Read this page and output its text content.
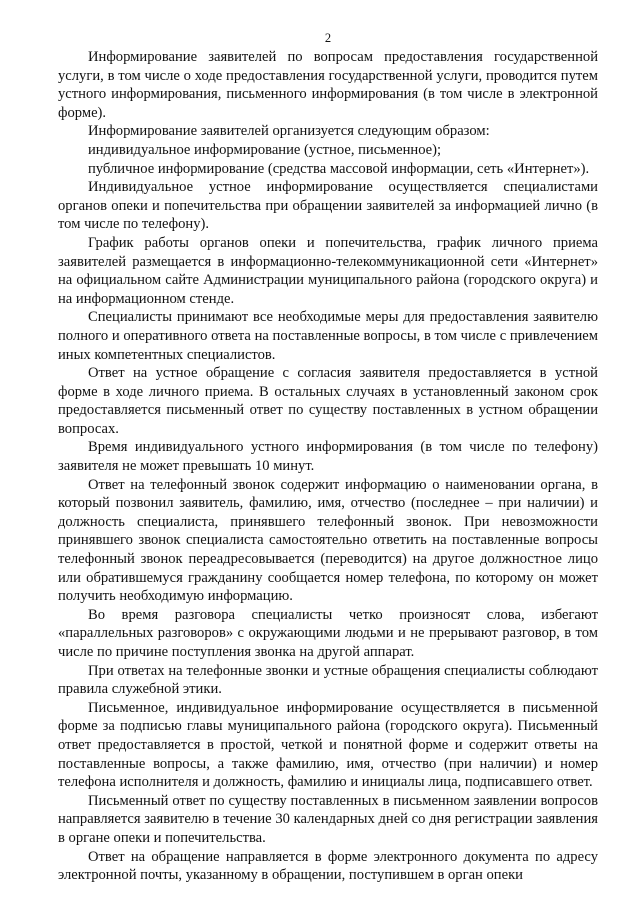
2

Информирование заявителей по вопросам предоставления государственной услуги, в том числе о ходе предоставления государственной услуги, проводится путем устного информирования, письменного информирования (в том числе в электронной форме).

Информирование заявителей организуется следующим образом:

индивидуальное информирование (устное, письменное);

публичное информирование (средства массовой информации, сеть «Интернет»).

Индивидуальное устное информирование осуществляется специалистами органов опеки и попечительства при обращении заявителей за информацией лично (в том числе по телефону).

График работы органов опеки и попечительства, график личного приема заявителей размещается в информационно-телекоммуникационной сети «Интернет» на официальном сайте Администрации муниципального района (городского округа) и на информационном стенде.

Специалисты принимают все необходимые меры для предоставления заявителю полного и оперативного ответа на поставленные вопросы, в том числе с привлечением иных компетентных специалистов.

Ответ на устное обращение с согласия заявителя предоставляется в устной форме в ходе личного приема. В остальных случаях в установленный законом срок предоставляется письменный ответ по существу поставленных в устном обращении вопросах.

Время индивидуального устного информирования (в том числе по телефону) заявителя не может превышать 10 минут.

Ответ на телефонный звонок содержит информацию о наименовании органа, в который позвонил заявитель, фамилию, имя, отчество (последнее – при наличии) и должность специалиста, принявшего телефонный звонок. При невозможности принявшего звонок специалиста самостоятельно ответить на поставленные вопросы телефонный звонок переадресовывается (переводится) на другое должностное лицо или обратившемуся гражданину сообщается номер телефона, по которому он может получить необходимую информацию.

Во время разговора специалисты четко произносят слова, избегают «параллельных разговоров» с окружающими людьми и не прерывают разговор, в том числе по причине поступления звонка на другой аппарат.

При ответах на телефонные звонки и устные обращения специалисты соблюдают правила служебной этики.

Письменное, индивидуальное информирование осуществляется в письменной форме за подписью главы муниципального района (городского округа). Письменный ответ предоставляется в простой, четкой и понятной форме и содержит ответы на поставленные вопросы, а также фамилию, имя, отчество (при наличии) и номер телефона исполнителя и должность, фамилию и инициалы лица, подписавшего ответ.

Письменный ответ по существу поставленных в письменном заявлении вопросов направляется заявителю в течение 30 календарных дней со дня регистрации заявления в органе опеки и попечительства.

Ответ на обращение направляется в форме электронного документа по адресу электронной почты, указанному в обращении, поступившем в орган опеки
